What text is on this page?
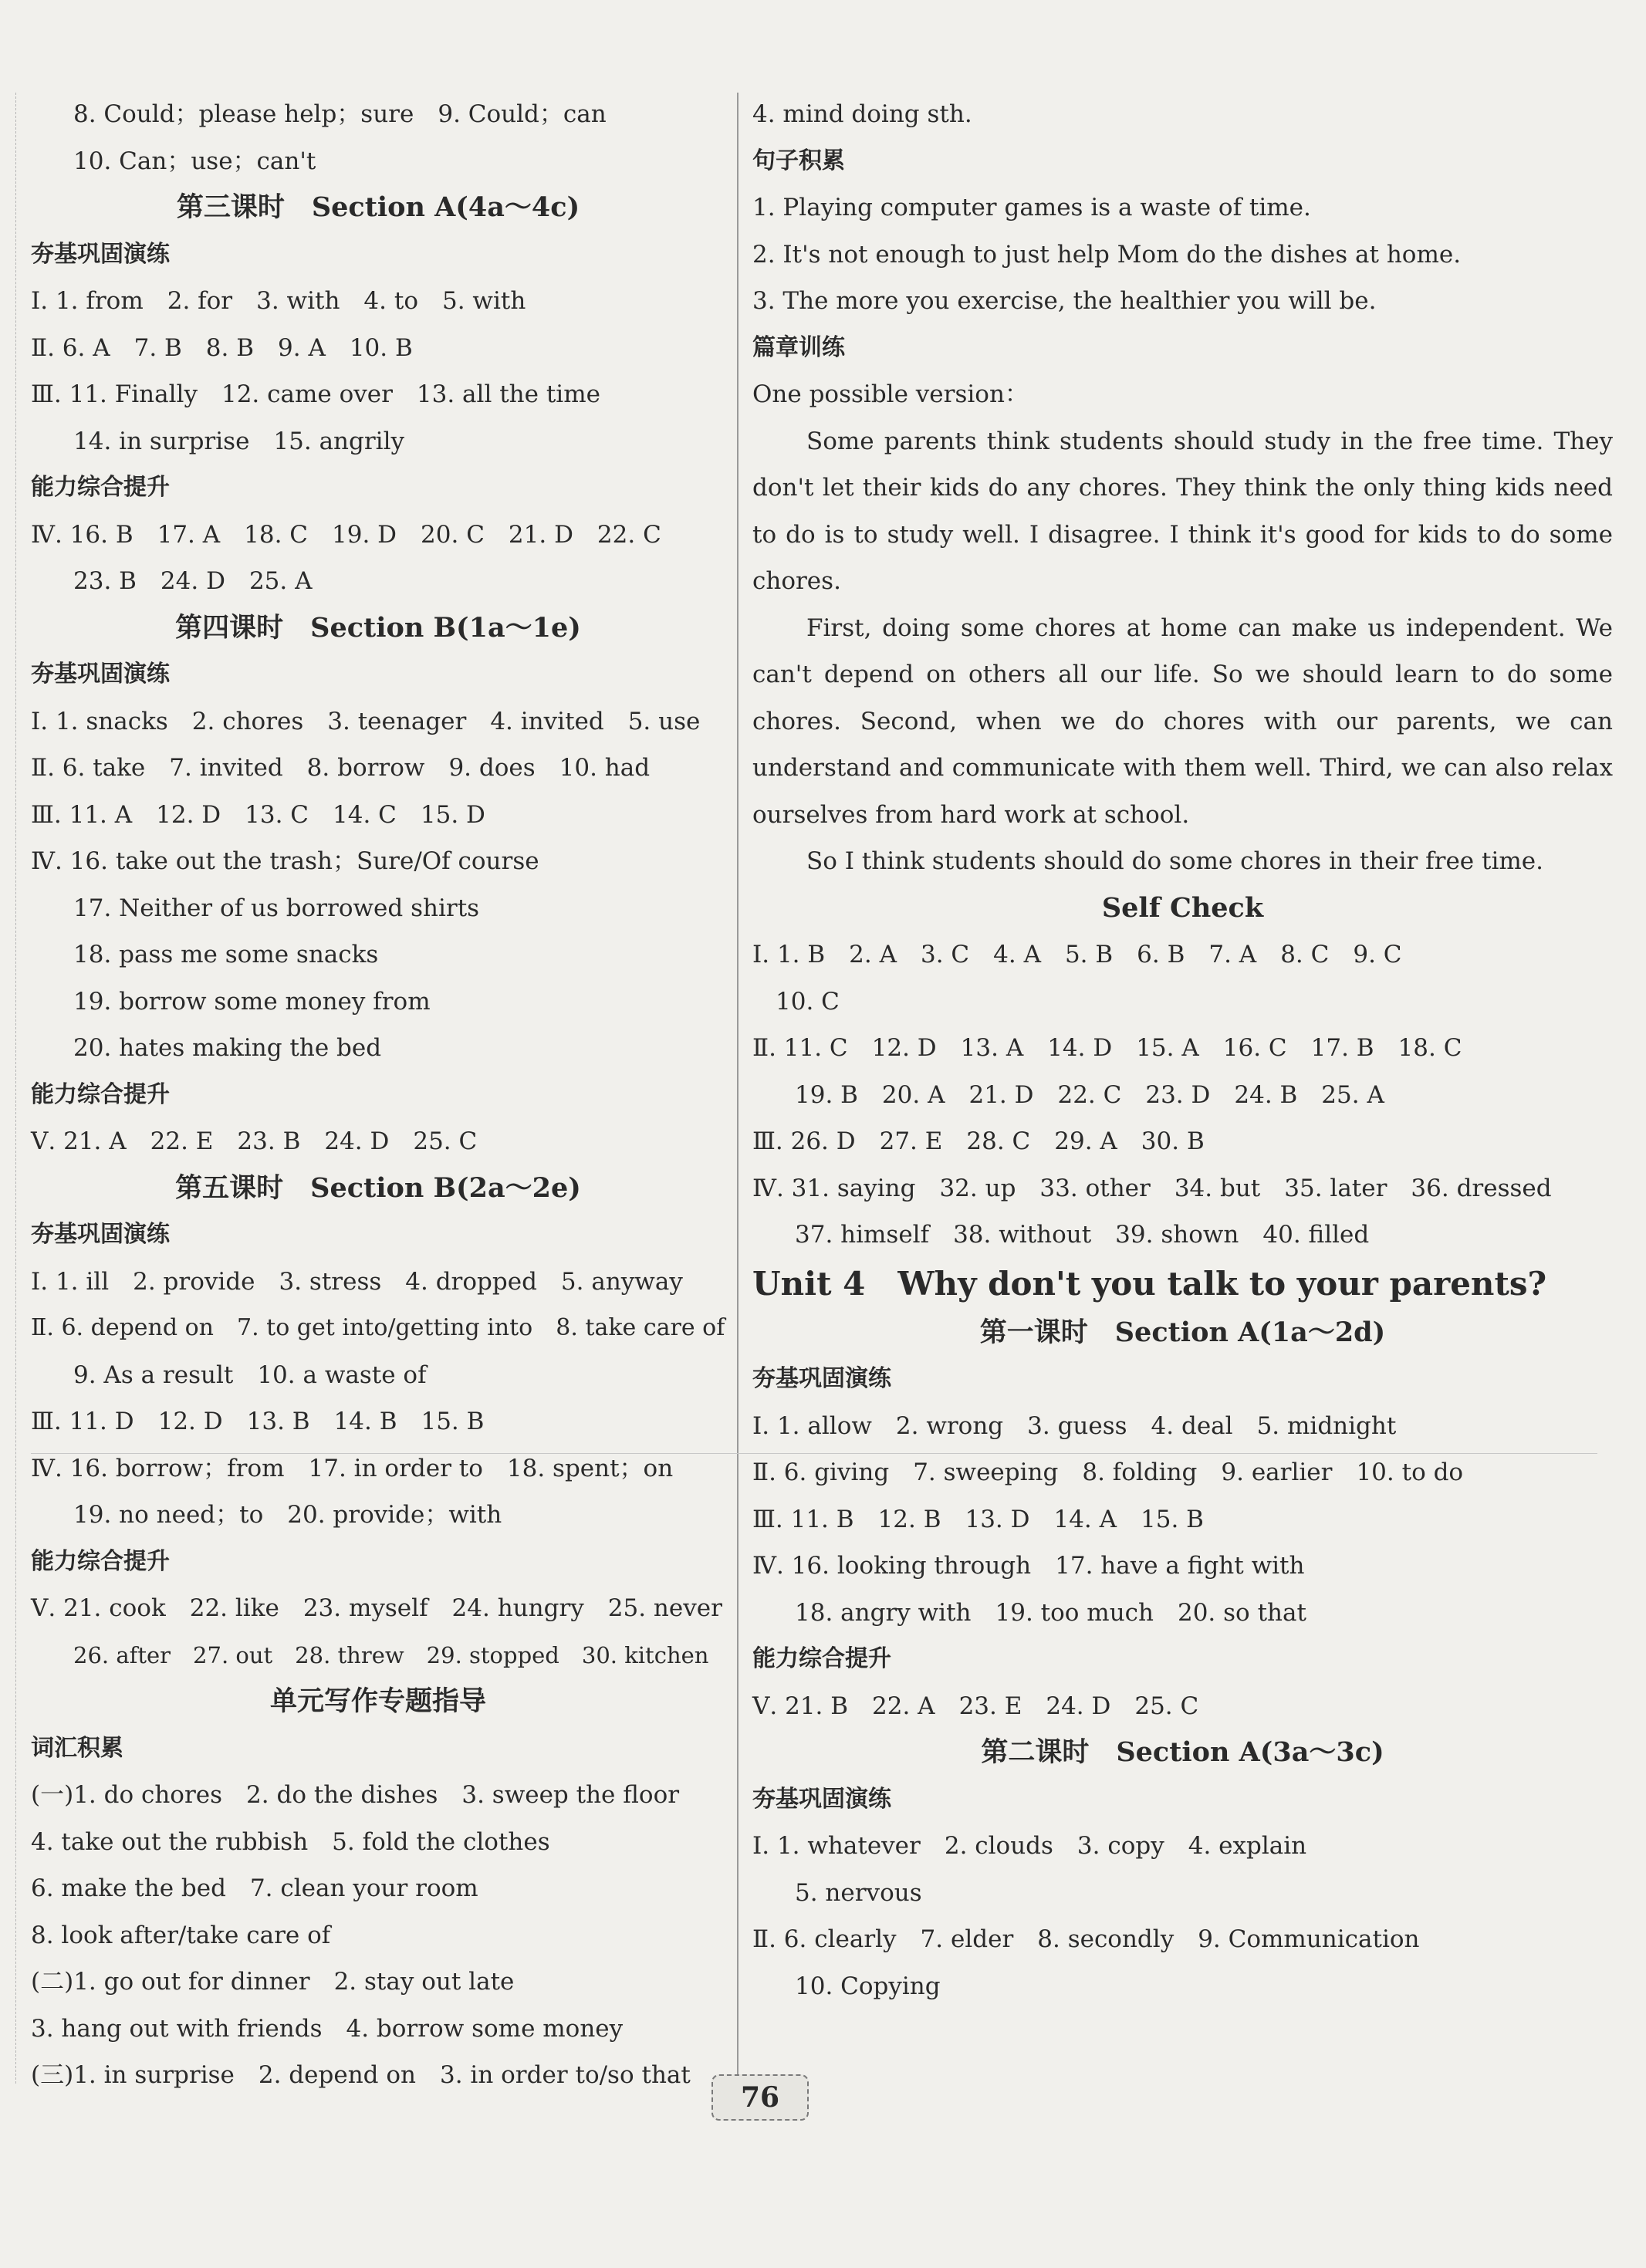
8. Could；please help；sure　9. Could；can
10. Can；use；can't
第三课时　Section A(4a～4c)
夯基巩固演练
Ⅰ. 1. from　2. for　3. with　4. to　5. with
Ⅱ. 6. A　7. B　8. B　9. A　10. B
Ⅲ. 11. Finally　12. came over　13. all the time
14. in surprise　15. angrily
能力综合提升
Ⅳ. 16. B　17. A　18. C　19. D　20. C　21. D　22. C
23. B　24. D　25. A
第四课时　Section B(1a～1e)
夯基巩固演练
Ⅰ. 1. snacks　2. chores　3. teenager　4. invited　5. use
Ⅱ. 6. take　7. invited　8. borrow　9. does　10. had
Ⅲ. 11. A　12. D　13. C　14. C　15. D
Ⅳ. 16. take out the trash；Sure/Of course
17. Neither of us borrowed shirts
18. pass me some snacks
19. borrow some money from
20. hates making the bed
能力综合提升
Ⅴ. 21. A　22. E　23. B　24. D　25. C
第五课时　Section B(2a～2e)
夯基巩固演练
Ⅰ. 1. ill　2. provide　3. stress　4. dropped　5. anyway
Ⅱ. 6. depend on　7. to get into/getting into　8. take care of
9. As a result　10. a waste of
Ⅲ. 11. D　12. D　13. B　14. B　15. B
Ⅳ. 16. borrow；from　17. in order to　18. spent；on
19. no need；to　20. provide；with
能力综合提升
Ⅴ. 21. cook　22. like　23. myself　24. hungry　25. never
26. after　27. out　28. threw　29. stopped　30. kitchen
单元写作专题指导
词汇积累
(一)1. do chores　2. do the dishes　3. sweep the floor
4. take out the rubbish　5. fold the clothes
6. make the bed　7. clean your room
8. look after/take care of
(二)1. go out for dinner　2. stay out late
3. hang out with friends　4. borrow some money
(三)1. in surprise　2. depend on　3. in order to/so that
4. mind doing sth.
句子积累
1. Playing computer games is a waste of time.
2. It's not enough to just help Mom do the dishes at home.
3. The more you exercise, the healthier you will be.
篇章训练
One possible version：
Some parents think students should study in the free time. They don't let their kids do any chores. They think the only thing kids need to do is to study well. I disagree. I think it's good for kids to do some chores.
First, doing some chores at home can make us independent. We can't depend on others all our life. So we should learn to do some chores. Second, when we do chores with our parents, we can understand and communicate with them well. Third, we can also relax ourselves from hard work at school.
So I think students should do some chores in their free time.
Self Check
Ⅰ. 1. B　2. A　3. C　4. A　5. B　6. B　7. A　8. C　9. C
10. C
Ⅱ. 11. C　12. D　13. A　14. D　15. A　16. C　17. B　18. C
19. B　20. A　21. D　22. C　23. D　24. B　25. A
Ⅲ. 26. D　27. E　28. C　29. A　30. B
Ⅳ. 31. saying　32. up　33. other　34. but　35. later　36. dressed
37. himself　38. without　39. shown　40. filled
Unit 4　Why don't you talk to your parents?
第一课时　Section A(1a～2d)
夯基巩固演练
Ⅰ. 1. allow　2. wrong　3. guess　4. deal　5. midnight
Ⅱ. 6. giving　7. sweeping　8. folding　9. earlier　10. to do
Ⅲ. 11. B　12. B　13. D　14. A　15. B
Ⅳ. 16. looking through　17. have a fight with
18. angry with　19. too much　20. so that
能力综合提升
Ⅴ. 21. B　22. A　23. E　24. D　25. C
第二课时　Section A(3a～3c)
夯基巩固演练
Ⅰ. 1. whatever　2. clouds　3. copy　4. explain
5. nervous
Ⅱ. 6. clearly　7. elder　8. secondly　9. Communication
10. Copying
76
